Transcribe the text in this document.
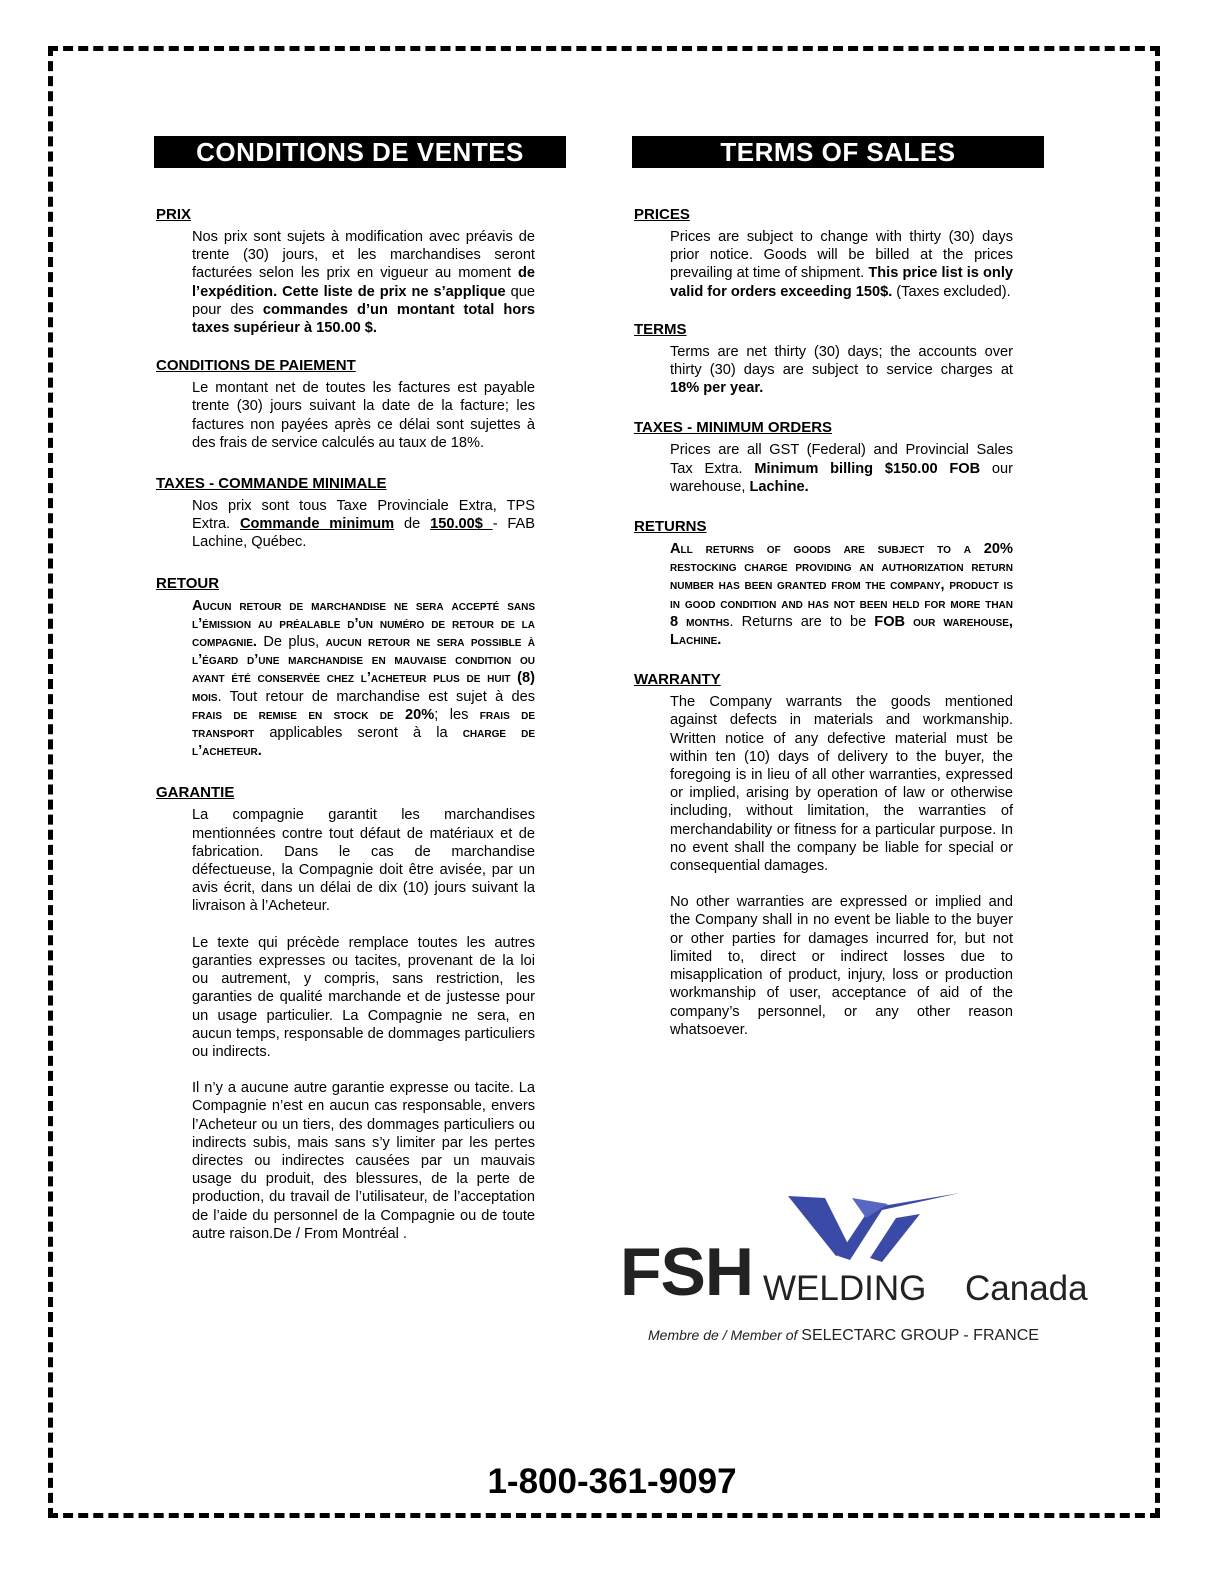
CONDITIONS DE VENTES
PRIX
Nos prix sont sujets à modification avec préavis de trente (30) jours, et les marchandises seront facturées selon les prix en vigueur au moment de l’expédition. Cette liste de prix ne s’applique que pour des commandes d’un montant total hors taxes supérieur à 150.00 $.
CONDITIONS DE PAIEMENT
Le montant net de toutes les factures est payable trente (30) jours suivant la date de la facture; les factures non payées après ce délai sont sujettes à des frais de service calculés au taux de 18%.
TAXES - COMMANDE MINIMALE
Nos prix sont tous Taxe Provinciale Extra, TPS Extra. Commande minimum de 150.00$ - FAB Lachine, Québec.
RETOUR
Aucun retour de marchandise ne sera accepté sans l’émission au préalable d’un numéro de retour de la compagnie. De plus, aucun retour ne sera possible à l’égard d’une marchandise en mauvaise condition ou ayant été conservée chez l’acheteur plus de huit (8) mois. Tout retour de marchandise est sujet à des frais de remise en stock de 20%; les frais de transport applicables seront à la charge de l’acheteur.
GARANTIE

La compagnie garantit les marchandises mentionnées contre tout défaut de matériaux et de fabrication. Dans le cas de marchandise défectueuse, la Compagnie doit être avisée, par un avis écrit, dans un délai de dix (10) jours suivant la livraison à l’Acheteur.

Le texte qui précède remplace toutes les autres garanties expresses ou tacites, provenant de la loi ou autrement, y compris, sans restriction, les garanties de qualité marchande et de justesse pour un usage particulier. La Compagnie ne sera, en aucun temps, responsable de dommages particuliers ou indirects.

Il n’y a aucune autre garantie expresse ou tacite. La Compagnie n’est en aucun cas responsable, envers l’Acheteur ou un tiers, des dommages particuliers ou indirects subis, mais sans s’y limiter par les pertes directes ou indirectes causées par un mauvais usage du produit, des blessures, de la perte de production, du travail de l’utilisateur, de l’acceptation de l’aide du personnel de la Compagnie ou de toute autre raison.De / From Montréal .

TERMS OF SALES
PRICES
Prices are subject to change with thirty (30) days prior notice. Goods will be billed at the prices prevailing at time of shipment. This price list is only valid for orders exceeding 150$. (Taxes excluded).
TERMS
Terms are net thirty (30) days; the accounts over thirty (30) days are subject to service charges at 18% per year.
TAXES - MINIMUM ORDERS
Prices are all GST (Federal) and Provincial Sales Tax Extra. Minimum billing $150.00 FOB our warehouse, Lachine.
RETURNS
All returns of goods are subject to a 20% restocking charge providing an authorization return number has been granted from the company, product is in good condition and has not been held for more than 8 months. Returns are to be FOB our warehouse, Lachine.
WARRANTY

The Company warrants the goods mentioned against defects in materials and workmanship. Written notice of any defective material must be within ten (10) days of delivery to the buyer, the foregoing is in lieu of all other warranties, expressed or implied, arising by operation of law or otherwise including, without limitation, the warranties of merchandability or fitness for a particular purpose. In no event shall the company be liable for special or consequential damages.

No other warranties are expressed or implied and the Company shall in no event be liable to the buyer or other parties for damages incurred for, but not limited to, direct or indirect losses due to misapplication of product, injury, loss or production workmanship of user, acceptance of aid of the company’s personnel, or any other reason whatsoever.

FSH WELDING Canada
Membre de / Member of SELECTARC GROUP - FRANCE
1-800-361-9097
